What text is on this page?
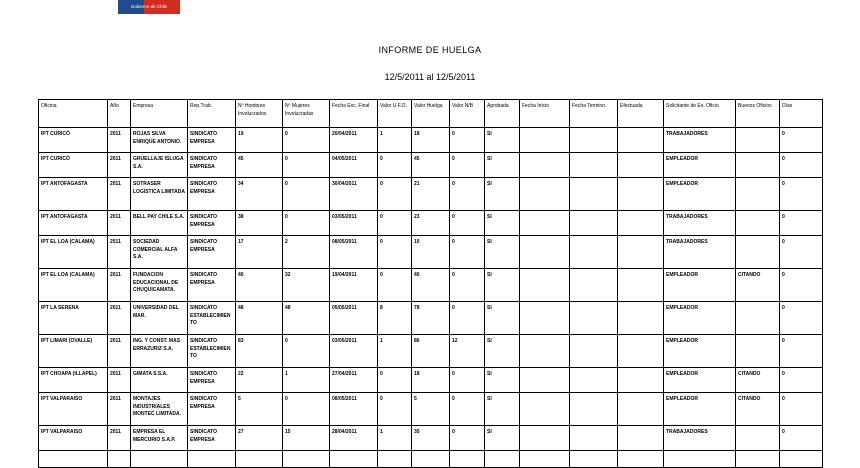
Gobierno de Chile
INFORME DE HUELGA
12/5/2011 al 12/5/2011
Oficina	Año	Empresa	Rep.Trab.	Nº Hombres Involucrados	Nº Mujeres Involucradas	Fecha Exc. Final	Valor U.F.O.	Valor Huelga	Valor N/B	Aprobada	Fecha Inicio	Fecha Termino	Efectuada	Solicitante de Ex. Oficio	Buenos Oficios	Días
IPT CURICÓ	2011	ROJAS SILVA ENRIQUE ANTONIO.	SINDICATO EMPRESA	19	0	20/04/2011	1	18	0	SI				TRABAJADORES		0
IPT CURICÓ	2011	GRUELLAJE ISLUGA S.A.	SINDICATO EMPRESA	45	0	04/05/2011	0	45	0	SI				EMPLEADOR		0
IPT ANTOFAGASTA	2011	SOTRASER LOGISTICA LIMITADA	SINDICATO EMPRESA	34	0	30/04/2011	0	21	0	SI				EMPLEADOR		0
IPT ANTOFAGASTA	2011	BELL PAY CHILE S.A.	SINDICATO EMPRESA	38	0	03/05/2011	0	23	0	SI				TRABAJADORES		0
IPT EL LOA (CALAMA)	2011	SOCIEDAD COMERCIAL ALFA S.A.	SINDICATO EMPRESA	17	2	08/05/2011	0	10	0	SI				TRABAJADORES		0
IPT EL LOA (CALAMA)	2011	FUNDACION EDUCACIONAL DE CHUQUICAMATA.	SINDICATO EMPRESA	40	32	19/04/2011	0	40	0	SI				EMPLEADOR	CITANDO	0
IPT LA SERENA	2011	UNIVERSIDAD DEL MAR.	SINDICATO ESTABLECIMIENTO	48	48	05/05/2011	8	78	0	SI				EMPLEADOR		0
IPT LIMARI (OVALLE)	2011	ING. Y CONST. MAS ERRAZURIZ S.A.	SINDICATO ESTABLECIMIENTO	83	0	03/05/2011	1	86	12	SI				EMPLEADOR		0
IPT CHOAPA (ILLAPEL)	2011	GIMATA S.S.A.	SINDICATO EMPRESA	22	1	27/04/2011	0	18	0	SI				EMPLEADOR	CITANDO	0
IPT VALPARAISO	2011	MONTAJES INDUSTRIALES MONTEC LIMITADA.	SINDICATO EMPRESA	5	0	08/05/2011	0	5	0	SI				EMPLEADOR	CITANDO	0
IPT VALPARAISO	2011	EMPRESA EL MERCURIO S.A.P.	SINDICATO EMPRESA	27	15	28/04/2011	1	35	0	SI				TRABAJADORES		0
